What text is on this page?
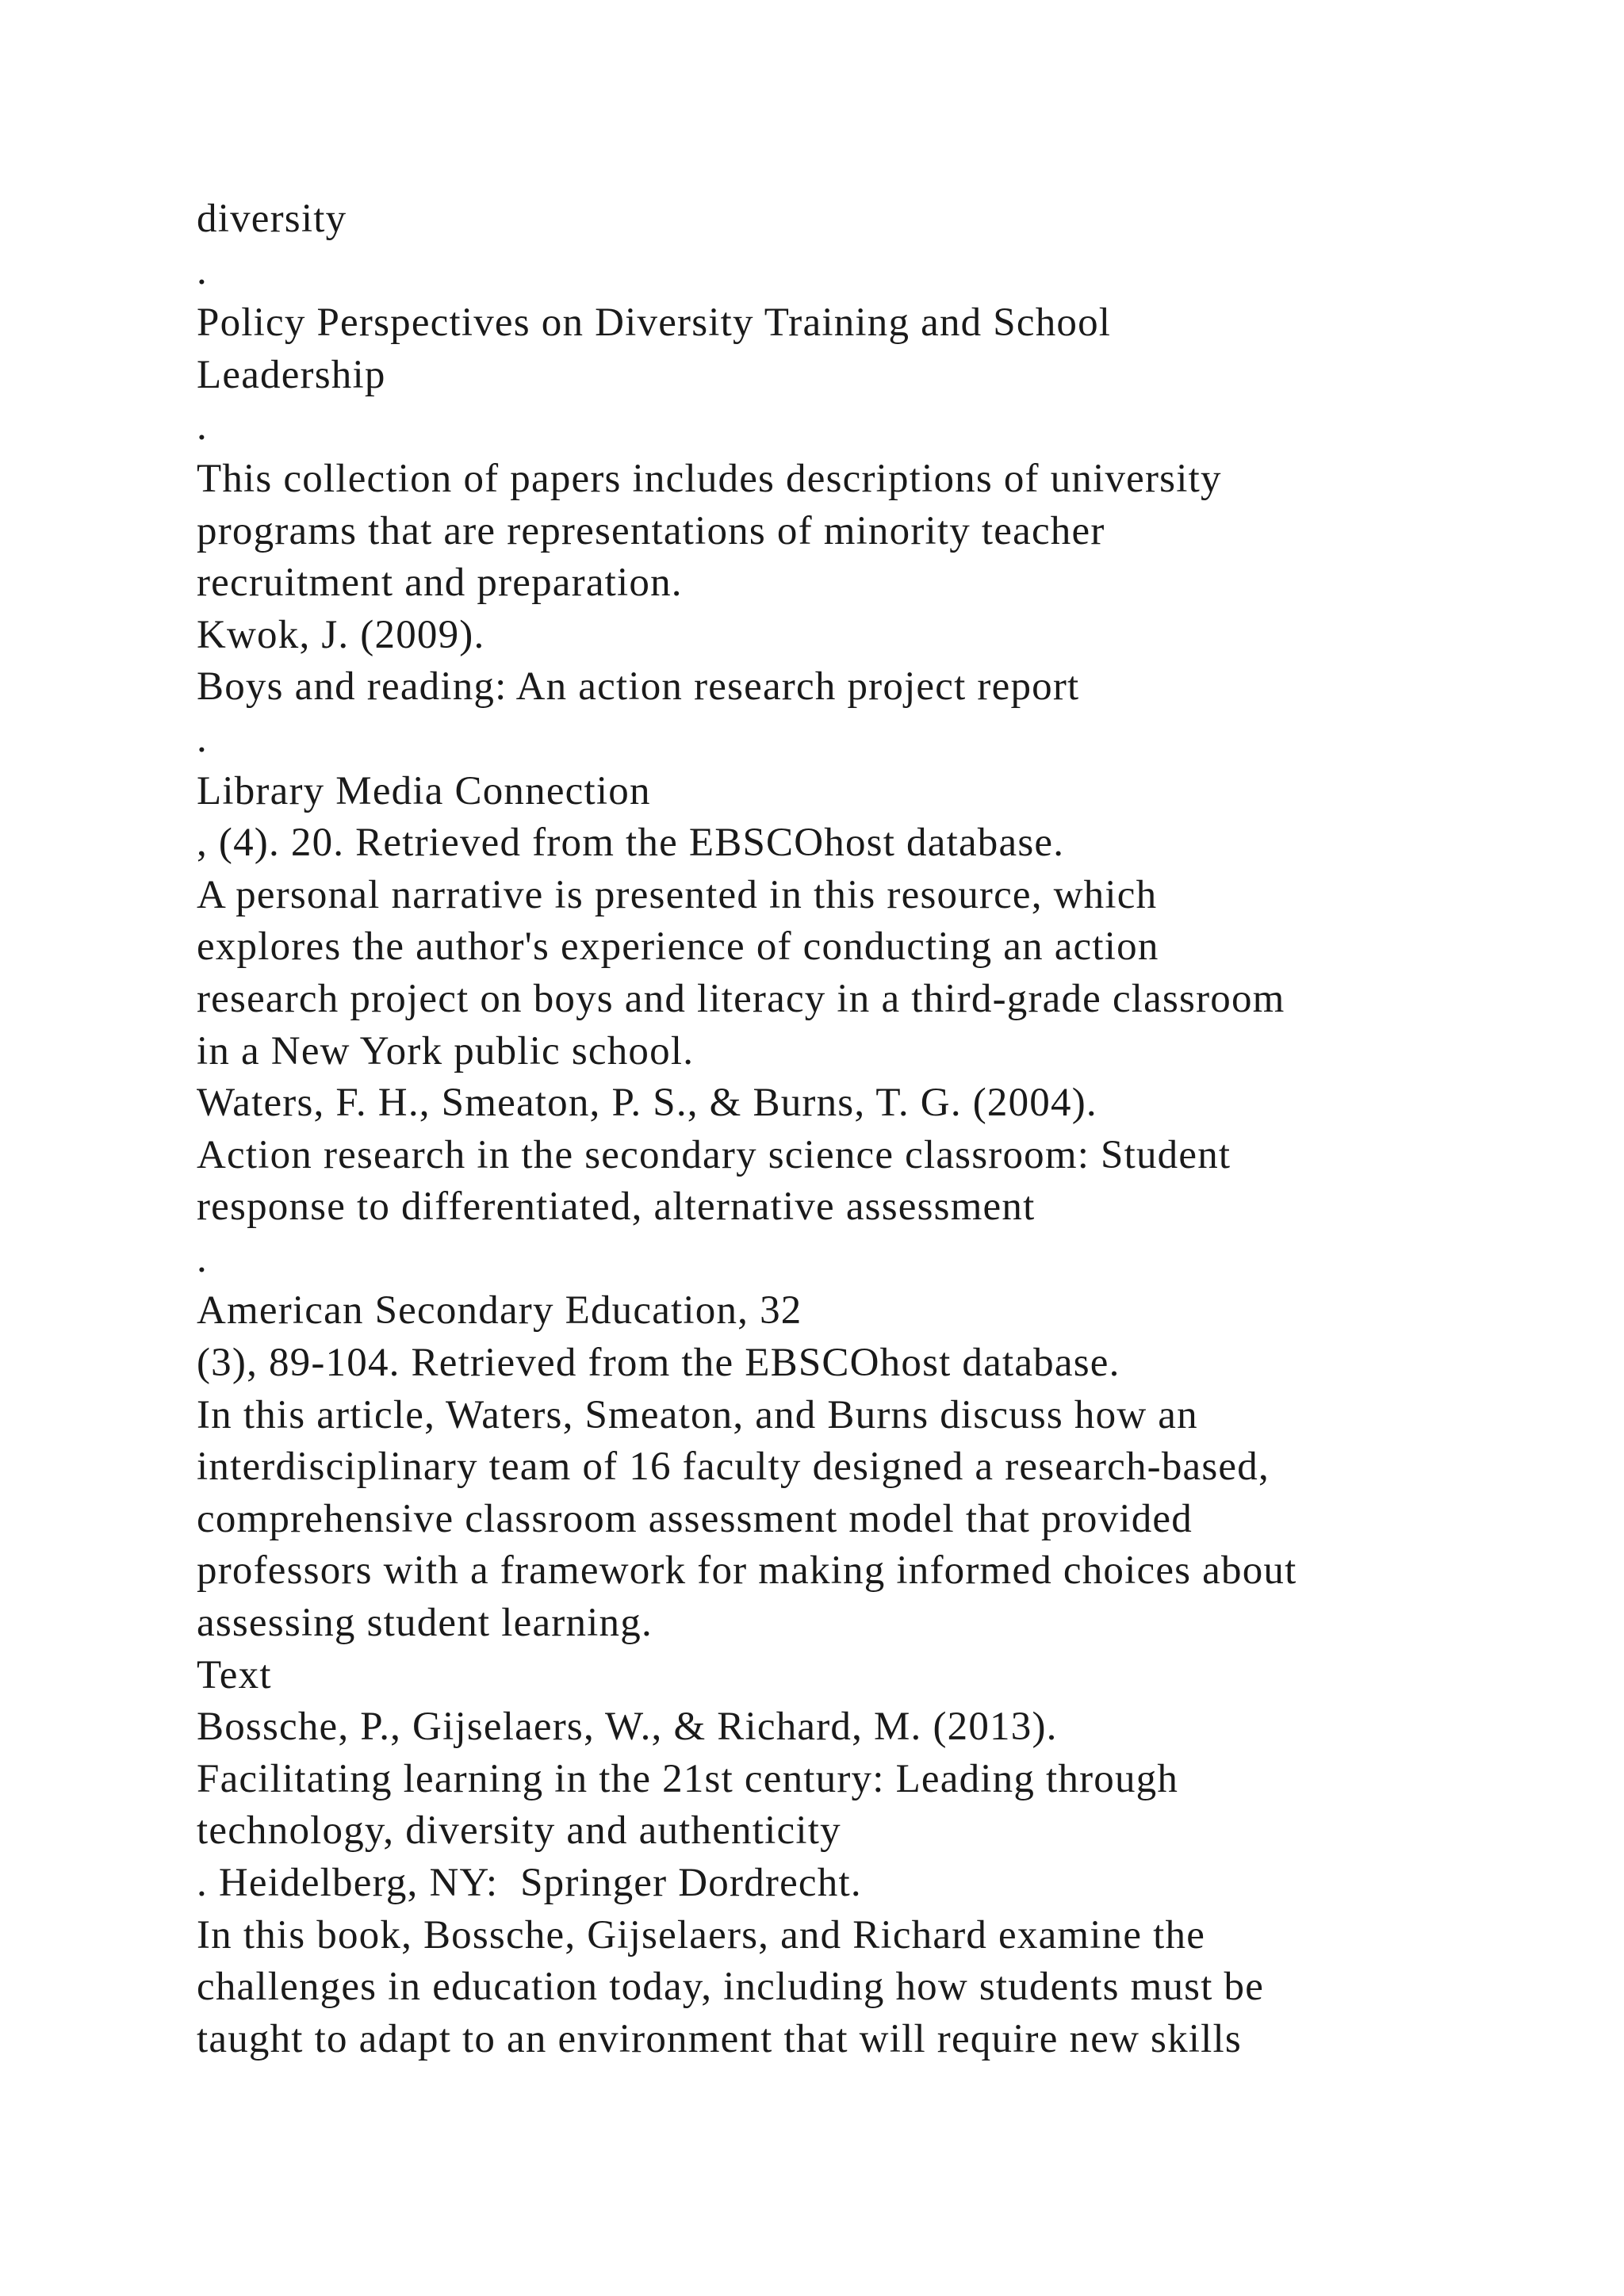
diversity
.
Policy Perspectives on Diversity Training and School
Leadership
.
This collection of papers includes descriptions of university
programs that are representations of minority teacher
recruitment and preparation.
Kwok, J. (2009).
Boys and reading: An action research project report
.
Library Media Connection
, (4). 20. Retrieved from the EBSCOhost database.
A personal narrative is presented in this resource, which
explores the author's experience of conducting an action
research project on boys and literacy in a third-grade classroom
in a New York public school.
Waters, F. H., Smeaton, P. S., & Burns, T. G. (2004).
Action research in the secondary science classroom: Student
response to differentiated, alternative assessment
.
American Secondary Education, 32
(3), 89-104. Retrieved from the EBSCOhost database.
In this article, Waters, Smeaton, and Burns discuss how an
interdisciplinary team of 16 faculty designed a research-based,
comprehensive classroom assessment model that provided
professors with a framework for making informed choices about
assessing student learning.
Text
Bossche, P., Gijselaers, W., & Richard, M. (2013).
Facilitating learning in the 21st century: Leading through
technology, diversity and authenticity
. Heidelberg, NY:  Springer Dordrecht.
In this book, Bossche, Gijselaers, and Richard examine the
challenges in education today, including how students must be
taught to adapt to an environment that will require new skills
